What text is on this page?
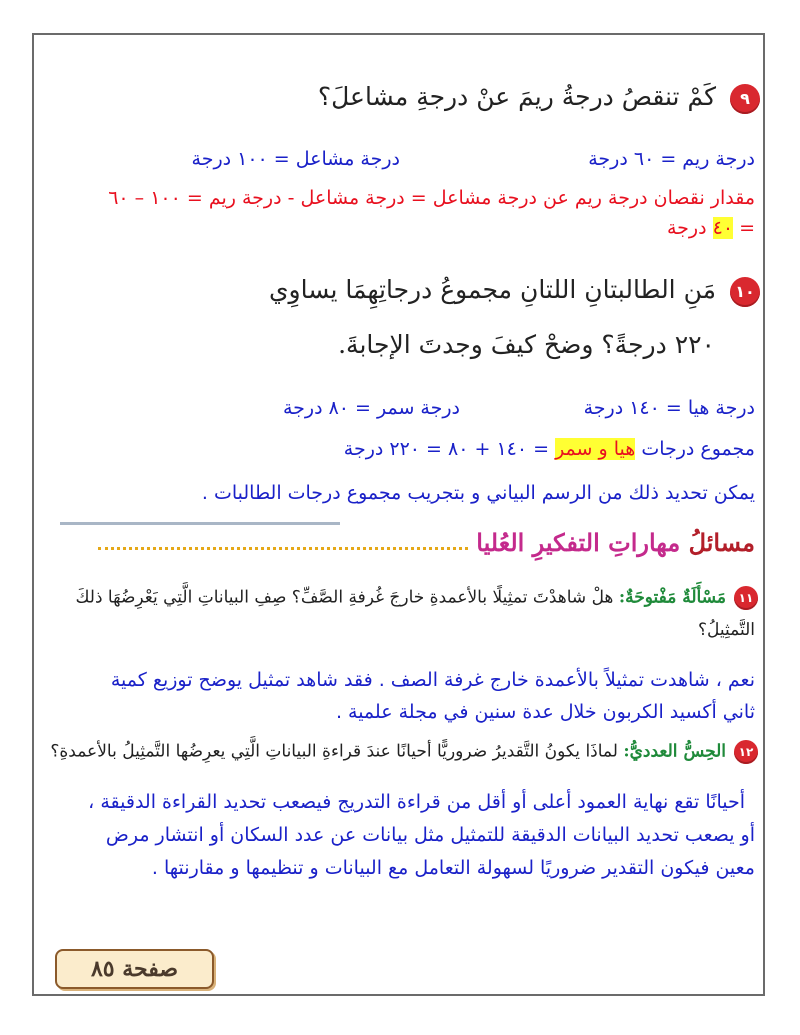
٩كَمْ تنقصُ درجةُ ريمَ عنْ درجةِ مشاعلَ؟
درجة ريم = ٦٠ درجة
درجة مشاعل = ١٠٠ درجة
مقدار نقصان درجة ريم عن درجة مشاعل = درجة مشاعل - درجة ريم = ١٠٠ – ٦٠
= ٤٠ درجة
١٠مَنِ الطالبتانِ اللتانِ مجموعُ درجاتِهِمَا يساوِي
٢٢٠ درجةً؟ وضحْ كيفَ وجدتَ الإجابةَ.
درجة هيا = ١٤٠ درجة
درجة سمر = ٨٠ درجة
مجموع درجات هيا و سمر = ١٤٠ + ٨٠ = ٢٢٠ درجة
يمكن تحديد ذلك من الرسم البياني و بتجريب مجموع درجات الطالبات .
مسائلُ مهاراتِ التفكيرِ العُليا
١١مَسْأَلَةٌ مَفْتوحَةٌ: هلْ شاهدْتَ تمثِيلًا بالأعمدةِ خارجَ غُرفةِ الصَّفِّ؟ صِفِ البياناتِ الَّتِي يَعْرِضُهَا ذلكَ
التَّمثِيلُ؟
نعم ، شاهدت تمثيلاً بالأعمدة خارج غرفة الصف . فقد شاهد تمثيل يوضح توزيع كمية
ثاني أكسيد الكربون خلال عدة سنين في مجلة علمية .
١٢الحِسُّ العدديُّ: لماذَا يكونُ التَّقديرُ ضروريًّا أحيانًا عندَ قراءةِ البياناتِ الَّتِي يعرِضُها التَّمثِيلُ بالأعمدةِ؟
أحيانًا تقع نهاية العمود أعلى أو أقل من قراءة التدريج فيصعب تحديد القراءة الدقيقة ،
أو يصعب تحديد البيانات الدقيقة للتمثيل مثل بيانات عن عدد السكان أو انتشار مرض
معين فيكون التقدير ضروريًا لسهولة التعامل مع البيانات و تنظيمها و مقارنتها .
صفحة ٨٥
